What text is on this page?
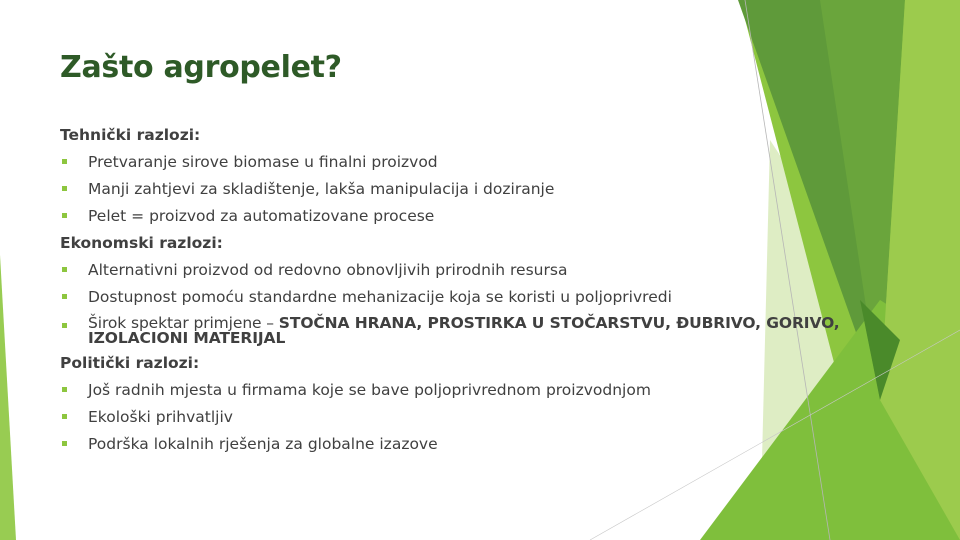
Zašto agropelet?
Tehnički razlozi:
Pretvaranje sirove biomase u finalni proizvod
Manji zahtjevi za skladištenje, lakša manipulacija i doziranje
Pelet = proizvod za automatizovane procese
Ekonomski razlozi:
Alternativni proizvod od redovno obnovljivih prirodnih resursa
Dostupnost pomoću standardne mehanizacije koja se koristi u poljoprivredi
Širok spektar primjene – STOČNA HRANA, PROSTIRKA U STOČARSTVU, ĐUBRIVO, GORIVO, IZOLACIONI MATERIJAL
Politički razlozi:
Još radnih mjesta u firmama koje se bave poljoprivrednom proizvodnjom
Ekološki prihvatljiv
Podrška lokalnih rješenja za globalne izazove
